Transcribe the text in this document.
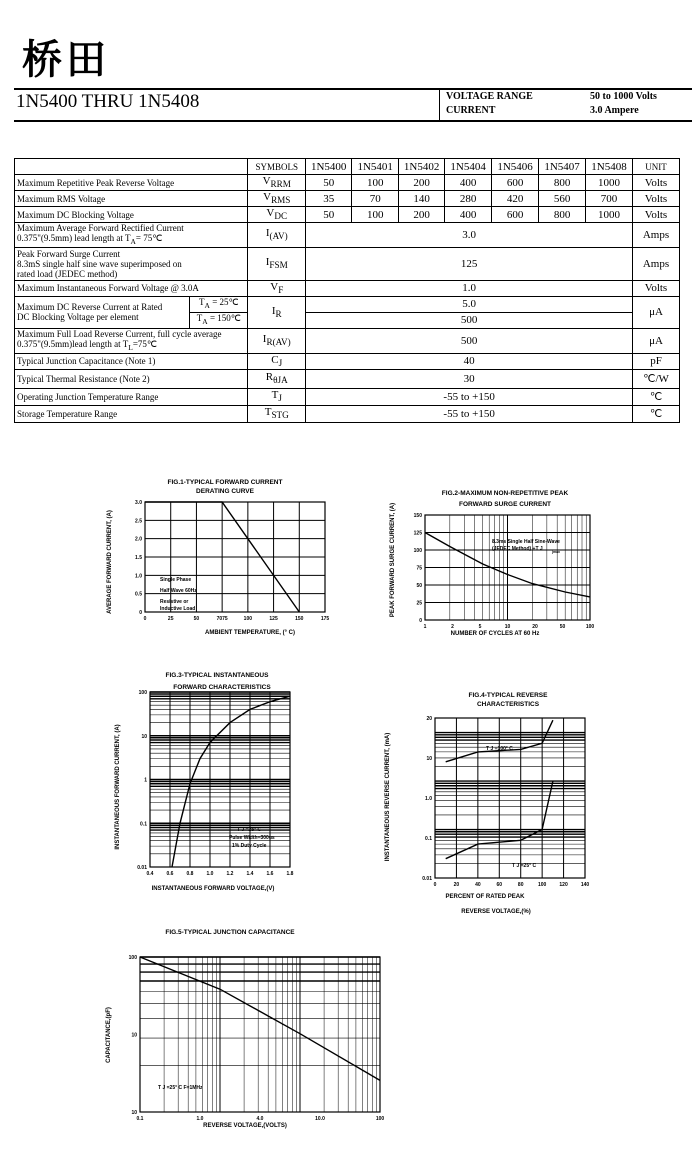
桥田
1N5400 THRU 1N5408	VOLTAGE RANGE	50 to 1000 Volts
CURRENT	3.0 Ampere
		SYMBOLS	1N5400	1N5401	1N5402	1N5404	1N5406	1N5407	1N5408	UNIT
Maximum Repetitive Peak Reverse Voltage		$V_{RRM}$	50	100	200	400	600	800	1000	Volts
Maximum RMS Voltage		$V_{RMS}$	35	70	140	280	420	560	700	Volts
Maximum DC Blocking Voltage		$V_{DC}$	50	100	200	400	600	800	1000	Volts
Maximum Average Forward Rectified Current
0.375"(9.5mm) lead length at $T_A=$ 75℃		$I_{(AV)}$	3.0							Amps
Peak Forward Surge Current
8.3mS single half sine wave superimposed on
rated load (JEDEC method)		$I_{FSM}$	125							Amps
Maximum Instantaneous Forward Voltage @ 3.0A		$V_F$	1.0							Volts
Maximum DC Reverse Current at Rated
DC Blocking Voltage per element	$T_A$ = 25℃	$I_R$	5.0							μA
	$T_A$ = 150℃		500							
Maximum Full Load Reverse Current, full cycle average
0.375"(9.5mm)lead length at $T_L=75℃$		$I_{R(AV)}$	500							μA
Typical Junction Capacitance (Note 1)		$C_J$	40							pF
Typical Thermal Resistance (Note 2)		$R_{\theta JA}$	30							℃/W
Operating Junction Temperature Range		$T_J$	-55 to +150							℃
Storage Temperature Range		$T_{STG}$	-55 to +150							℃
FIG.1-TYPICAL FORWARD CURRENT
DERATING CURVE
0	25	50	7075	100	125	150	175
0
0.5
1.0
1.5
2.0
2.5
3.0
Single Phase
Half Wave 60Hz
Resistive or
Inductive Load
AMBIENT TEMPERATURE, (° C)
AVERAGE FORWARD CURRENT, (A)
FIG.2-MAXIMUM NON-REPETITIVE PEAK
FORWARD SURGE CURRENT
1	2	5	10	20	50	100
0
25
50
75
100
125
150
8.3ms Single Half Sine-Wave
(JEDEC Method) +T J	jmax
NUMBER OF CYCLES AT 60 Hz
PEAK FORWARD SURGE CURRENT, (A)
FIG.3-TYPICAL INSTANTANEOUS
FORWARD CHARACTERISTICS
0.4	0.6	0.8	1.0	1.2	1.4	1.6	1.8
0.01
0.1
1
10
100
T J =25° C
Pulse Width=300us
1% Duty Cycle
INSTANTANEOUS FORWARD VOLTAGE,(V)
INSTANTANEOUS FORWARD CURRENT, (A)
FIG.4-TYPICAL REVERSE
CHARACTERISTICS
0	20	40	60	80	100	120	140
0.01
0.1
1.0
10
20
T J =100° C
T J =25° C
PERCENT OF RATED PEAK
REVERSE VOLTAGE,(%)
INSTANTANEOUS REVERSE CURRENT, (mA)
FIG.5-TYPICAL JUNCTION CAPACITANCE
0.1	1.0	4.0	10.0	100
10
10
100
T J =25° C F=1MHz
REVERSE VOLTAGE,(VOLTS)
CAPACITANCE,(pF)
